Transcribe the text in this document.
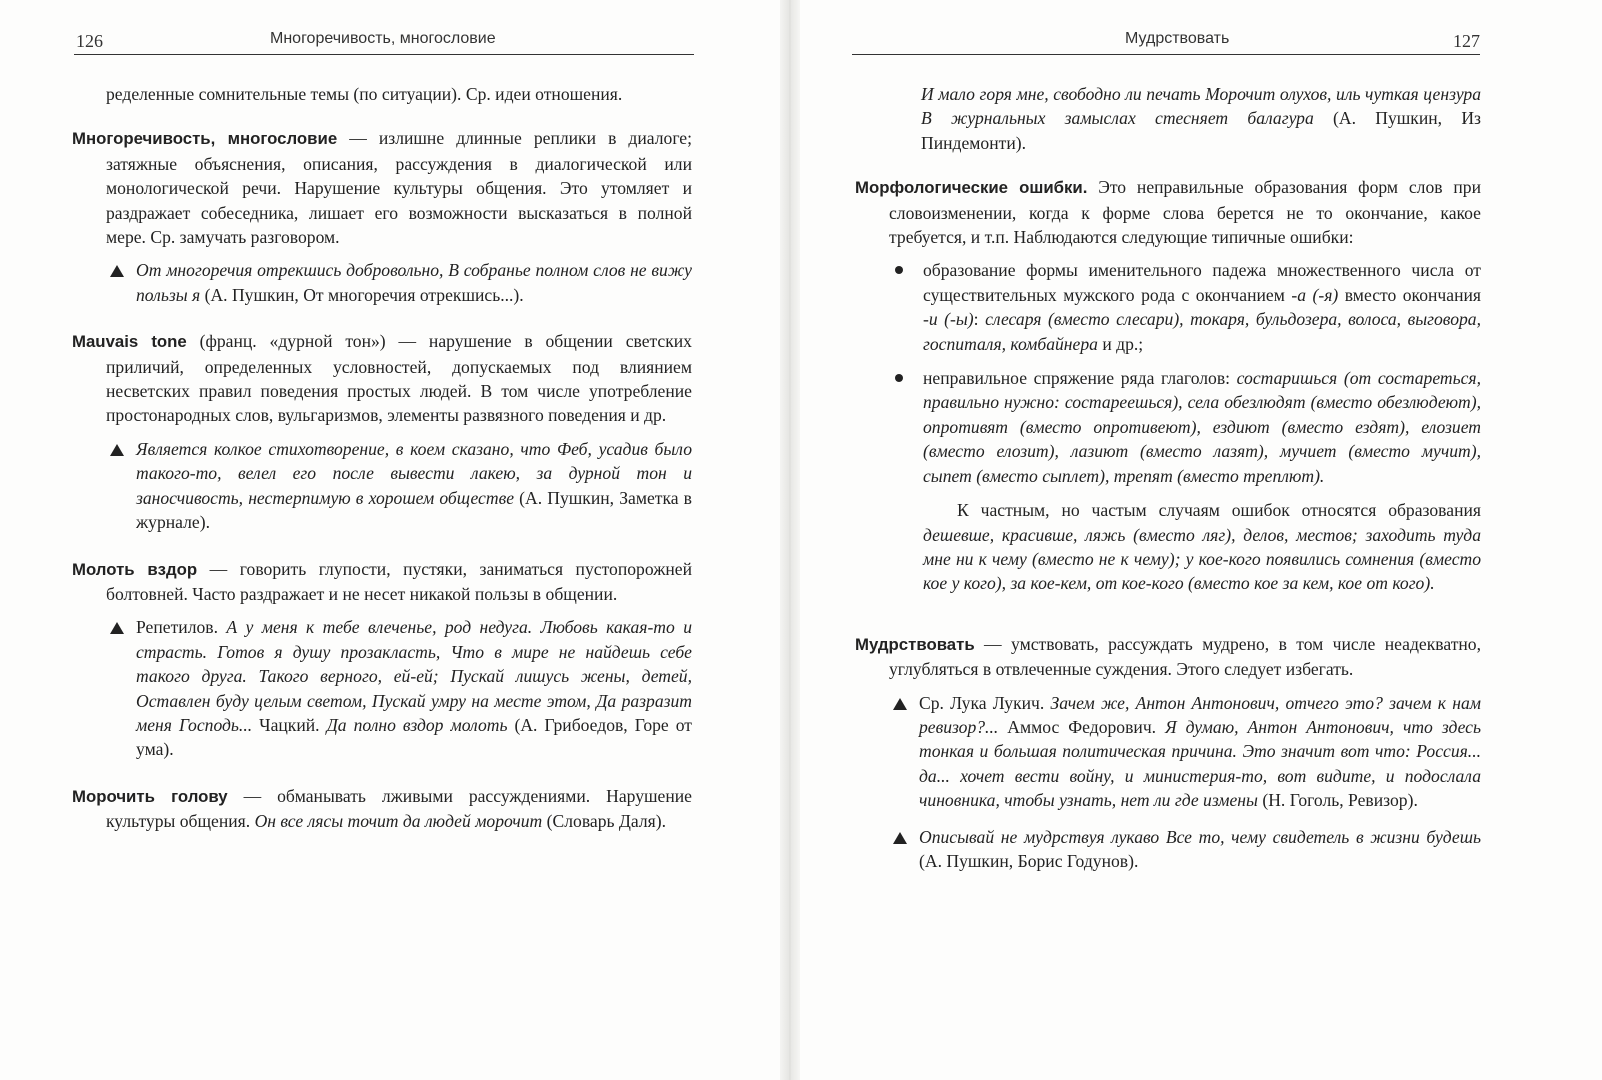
126	Многоречивость, многословие

ределенные сомнительные темы (по ситуации). Ср. идеи отношения.

Многоречивость, многословие — излишне длинные реплики в диалоге; затяжные объяснения, описания, рассуждения в диалогической или монологической речи. Нарушение культуры общения. Это утомляет и раздражает собеседника, лишает его возможности высказаться в полной мере. Ср. замучать разговором.

От многоречия отрекшись добровольно, В собранье полном слов не вижу пользы я (А. Пушкин, От многоречия отрекшись...).

Mauvais tone (франц. «дурной тон») — нарушение в общении светских приличий, определенных условностей, допускаемых под влиянием несветских правил поведения простых людей. В том числе употребление простонародных слов, вульгаризмов, элементы развязного поведения и др.

Является колкое стихотворение, в коем сказано, что Феб, усадив было такого-то, велел его после вывести лакею, за дурной тон и заносчивость, нестерпимую в хорошем обществе (А. Пушкин, Заметка в журнале).

Молоть вздор — говорить глупости, пустяки, заниматься пустопорожней болтовней. Часто раздражает и не несет никакой пользы в общении.

Репетилов. А у меня к тебе влеченье, род недуга. Любовь какая-то и страсть. Готов я душу прозаклaсть, Что в мире не найдешь себе такого друга. Такого верного, ей-ей; Пускай лишусь жены, детей, Оставлен буду целым светом, Пускай умру на месте этом, Да разразит меня Господь... Чацкий. Да полно вздор молоть (А. Грибоедов, Горе от ума).

Морочить голову — обманывать лживыми рассуждениями. Нарушение культуры общения. Он все лясы точит да людей морочит (Словарь Даля).

Мудрствовать	127

И мало горя мне, свободно ли печать Морочит олухов, иль чуткая цензура В журнальных замыслах стесняет балагура (А. Пушкин, Из Пиндемонти).

Морфологические ошибки. Это неправильные образования форм слов при словоизменении, когда к форме слова берется не то окончание, какое требуется, и т.п. Наблюдаются следующие типичные ошибки:

образование формы именительного падежа множественного числа от существительных мужского рода с окончанием -а (-я) вместо окончания -и (-ы): слесаря (вместо слесари), токаря, бульдозера, волоса, выговора, госпиталя, комбайнера и др.;

неправильное спряжение ряда глаголов: состаришься (от состареться, правильно нужно: состареешься), села обезлюдят (вместо обезлюдеют), опротивят (вместо опротивеют), ездиют (вместо ездят), елозиет (вместо елозит), лазиют (вместо лазят), мучиет (вместо мучит), сыпет (вместо сыплет), трепят (вместо треплют).

К частным, но частым случаям ошибок относятся образования дешевше, красивше, ляжь (вместо ляг), делов, местов; заходить туда мне ни к чему (вместо не к чему); у кое-кого появились сомнения (вместо кое у кого), за кое-кем, от кое-кого (вместо кое за кем, кое от кого).

Мудрствовать — умствовать, рассуждать мудрено, в том числе неадекватно, углубляться в отвлеченные суждения. Этого следует избегать.

Ср. Лука Лукич. Зачем же, Антон Антонович, отчего это? зачем к нам ревизор?... Аммос Федорович. Я думаю, Антон Антонович, что здесь тонкая и большая политическая причина. Это значит вот что: Россия... да... хочет вести войну, и министерия-то, вот видите, и подослала чиновника, чтобы узнать, нет ли где измены (Н. Гоголь, Ревизор).

Описывай не мудрствуя лукаво Все то, чему свидетель в жизни будешь (А. Пушкин, Борис Годунов).
